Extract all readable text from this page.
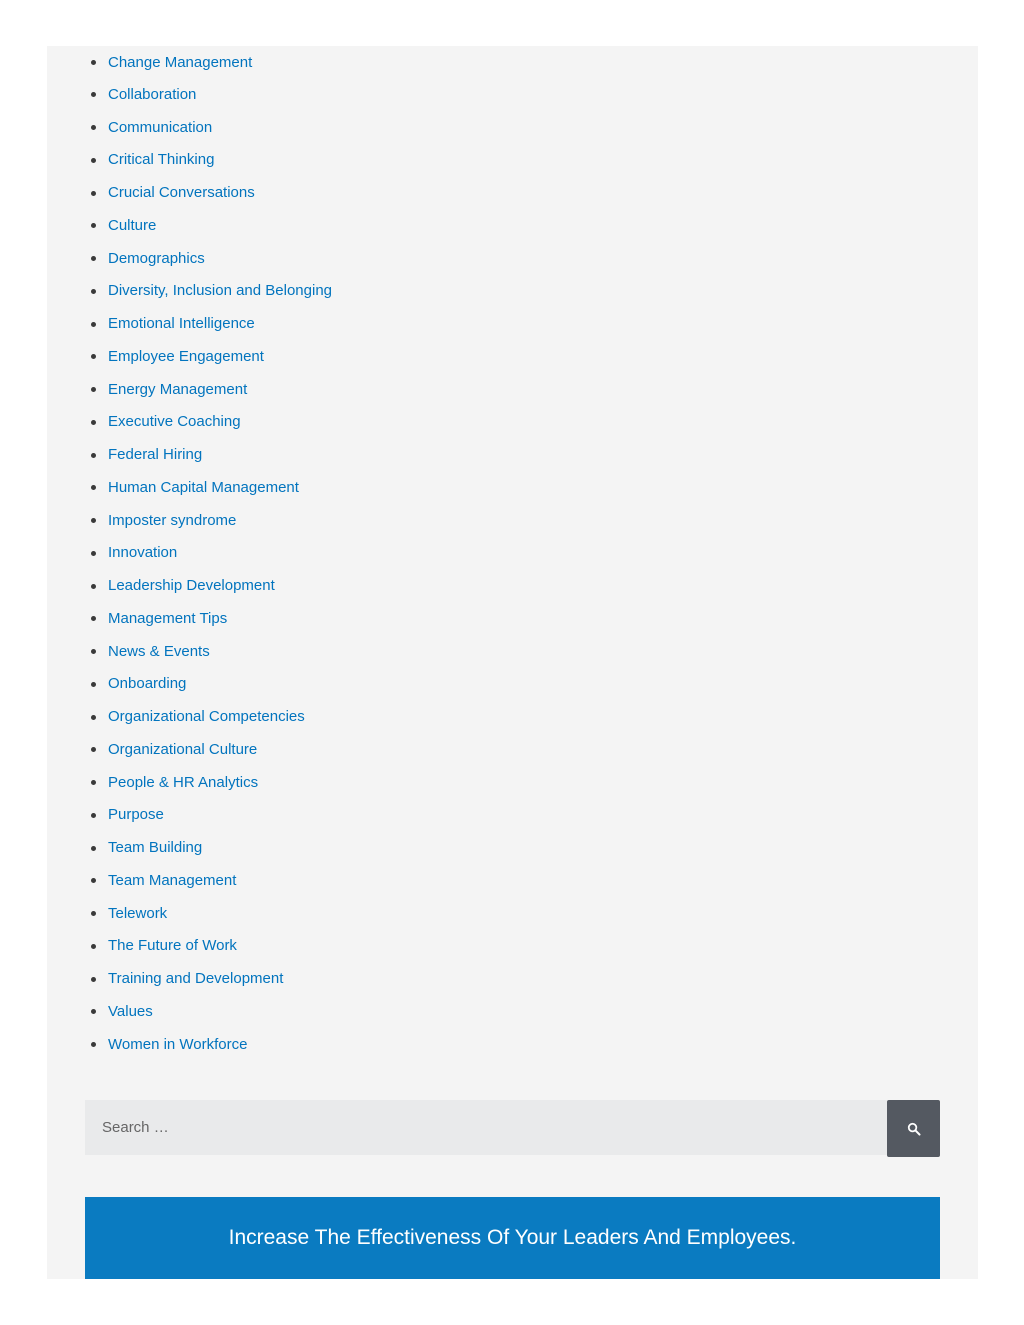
Change Management
Collaboration
Communication
Critical Thinking
Crucial Conversations
Culture
Demographics
Diversity, Inclusion and Belonging
Emotional Intelligence
Employee Engagement
Energy Management
Executive Coaching
Federal Hiring
Human Capital Management
Imposter syndrome
Innovation
Leadership Development
Management Tips
News & Events
Onboarding
Organizational Competencies
Organizational Culture
People & HR Analytics
Purpose
Team Building
Team Management
Telework
The Future of Work
Training and Development
Values
Women in Workforce
Search …
Increase The Effectiveness Of Your Leaders And Employees.
